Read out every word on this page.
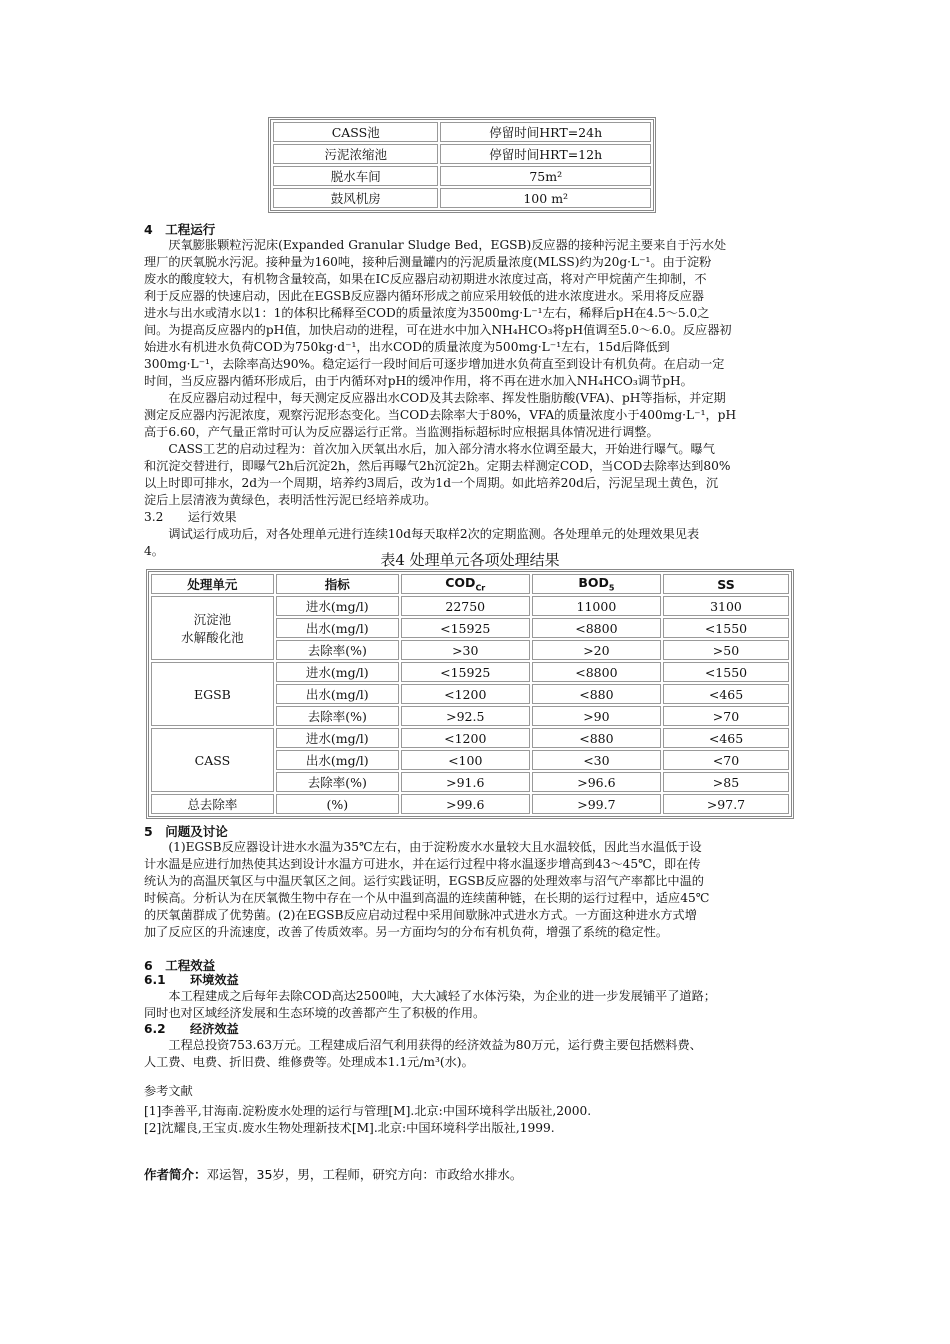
CASS池	停留时间HRT=24h
污泥浓缩池	停留时间HRT=12h
脱水车间	75m²
鼓风机房	100 m²
4　工程运行
厌氧膨胀颗粒污泥床(Expanded Granular Sludge Bed，EGSB)反应器的接种污泥主要来自于污水处
理厂的厌氧脱水污泥。接种量为160吨，接种后测量罐内的污泥质量浓度(MLSS)约为20g·L⁻¹。由于淀粉
废水的酸度较大，有机物含量较高，如果在IC反应器启动初期进水浓度过高，将对产甲烷菌产生抑制，不
利于反应器的快速启动，因此在EGSB反应器内循环形成之前应采用较低的进水浓度进水。采用将反应器
进水与出水或清水以1：1的体积比稀释至COD的质量浓度为3500mg·L⁻¹左右，稀释后pH在4.5～5.0之
间。为提高反应器内的pH值，加快启动的进程，可在进水中加入NH₄HCO₃将pH值调至5.0～6.0。反应器初
始进水有机进水负荷COD为750kg·d⁻¹，出水COD的质量浓度为500mg·L⁻¹左右，15d后降低到
300mg·L⁻¹，去除率高达90%。稳定运行一段时间后可逐步增加进水负荷直至到设计有机负荷。在启动一定
时间，当反应器内循环形成后，由于内循环对pH的缓冲作用，将不再在进水加入NH₄HCO₃调节pH。
在反应器启动过程中，每天测定反应器出水COD及其去除率、挥发性脂肪酸(VFA)、pH等指标，并定期
测定反应器内污泥浓度，观察污泥形态变化。当COD去除率大于80%，VFA的质量浓度小于400mg·L⁻¹，pH
高于6.60，产气量正常时可认为反应器运行正常。当监测指标超标时应根据具体情况进行调整。
CASS工艺的启动过程为：首次加入厌氧出水后，加入部分清水将水位调至最大，开始进行曝气。曝气
和沉淀交替进行，即曝气2h后沉淀2h，然后再曝气2h沉淀2h。定期去样测定COD，当COD去除率达到80%
以上时即可排水，2d为一个周期，培养约3周后，改为1d一个周期。如此培养20d后，污泥呈现土黄色，沉
淀后上层清液为黄绿色，表明活性污泥已经培养成功。
3.2　　运行效果
调试运行成功后，对各处理单元进行连续10d每天取样2次的定期监测。各处理单元的处理效果见表
4。	表4 处理单元各项处理结果
处理单元	指标	$COD_{Cr}$	$BOD_5$	SS

沉淀池
水解酸化池	进水(mg/l)	22750	11000	3100
	出水(mg/l)	<15925	<8800	<1550
	去除率(%)	>30	>20	>50

EGSB	进水(mg/l)	<15925	<8800	<1550
	出水(mg/l)	<1200	<880	<465
	去除率(%)	>92.5	>90	>70

CASS	进水(mg/l)	<1200	<880	<465
	出水(mg/l)	<100	<30	<70
	去除率(%)	>91.6	>96.6	>85
总去除率	(%)	>99.6	>99.7	>97.7
5　问题及讨论
(1)EGSB反应器设计进水水温为35℃左右，由于淀粉废水水量较大且水温较低，因此当水温低于设
计水温是应进行加热使其达到设计水温方可进水，并在运行过程中将水温逐步增高到43～45℃，即在传
统认为的高温厌氧区与中温厌氧区之间。运行实践证明，EGSB反应器的处理效率与沼气产率都比中温的
时候高。分析认为在厌氧微生物中存在一个从中温到高温的连续菌种链，在长期的运行过程中，适应45℃
的厌氧菌群成了优势菌。(2)在EGSB反应启动过程中采用间歇脉冲式进水方式。一方面这种进水方式增
加了反应区的升流速度，改善了传质效率。另一方面均匀的分布有机负荷，增强了系统的稳定性。
6　工程效益
6.1　　环境效益
本工程建成之后每年去除COD高达2500吨，大大减轻了水体污染，为企业的进一步发展铺平了道路；
同时也对区域经济发展和生态环境的改善都产生了积极的作用。
6.2　　经济效益
工程总投资753.63万元。工程建成后沼气利用获得的经济效益为80万元，运行费主要包括燃料费、
人工费、电费、折旧费、维修费等。处理成本1.1元/m³(水)。
参考文献
[1]李善平,甘海南.淀粉废水处理的运行与管理[M].北京:中国环境科学出版社,2000.
[2]沈耀良,王宝贞.废水生物处理新技术[M].北京:中国环境科学出版社,1999.
作者简介：邓运智，35岁，男，工程师，研究方向：市政给水排水。
